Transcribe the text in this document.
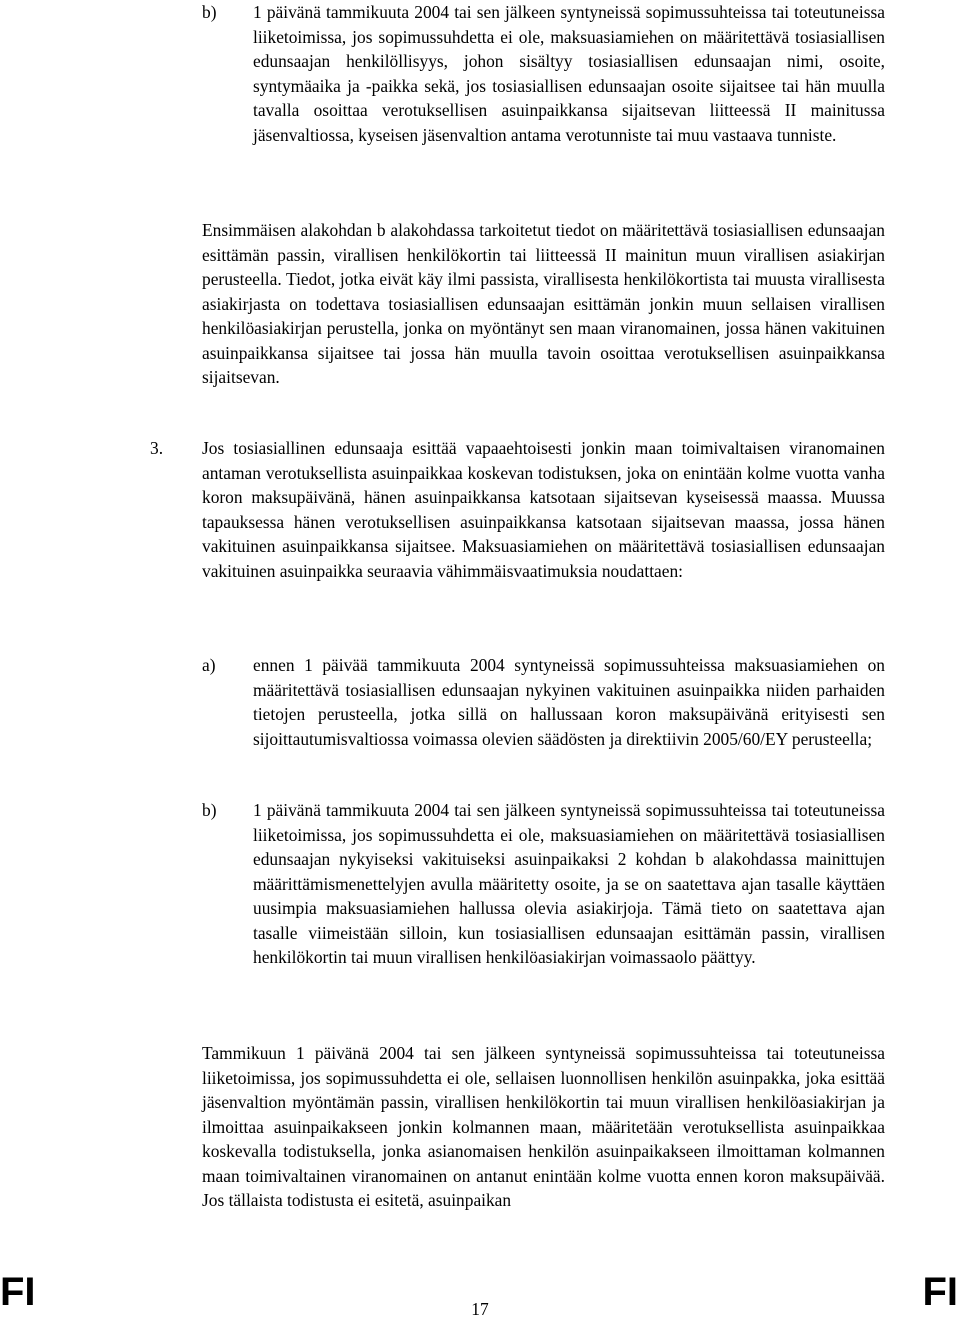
b) 1 päivänä tammikuuta 2004 tai sen jälkeen syntyneissä sopimussuhteissa tai toteutuneissa liiketoimissa, jos sopimussuhdetta ei ole, maksuasiamiehen on määritettävä tosiasiallisen edunsaajan henkilöllisyys, johon sisältyy tosiasiallisen edunsaajan nimi, osoite, syntymäaika ja -paikka sekä, jos tosiasiallisen edunsaajan osoite sijaitsee tai hän muulla tavalla osoittaa verotuksellisen asuinpaikkansa sijaitsevan liitteessä II mainitussa jäsenvaltiossa, kyseisen jäsenvaltion antama verotunniste tai muu vastaava tunniste.

Ensimmäisen alakohdan b alakohdassa tarkoitetut tiedot on määritettävä tosiasiallisen edunsaajan esittämän passin, virallisen henkilökortin tai liitteessä II mainitun muun virallisen asiakirjan perusteella. Tiedot, jotka eivät käy ilmi passista, virallisesta henkilökortista tai muusta virallisesta asiakirjasta on todettava tosiasiallisen edunsaajan esittämän jonkin muun sellaisen virallisen henkilöasiakirjan perustella, jonka on myöntänyt sen maan viranomainen, jossa hänen vakituinen asuinpaikkansa sijaitsee tai jossa hän muulla tavoin osoittaa verotuksellisen asuinpaikkansa sijaitsevan.

3. Jos tosiasiallinen edunsaaja esittää vapaaehtoisesti jonkin maan toimivaltaisen viranomainen antaman verotuksellista asuinpaikkaa koskevan todistuksen, joka on enintään kolme vuotta vanha koron maksupäivänä, hänen asuinpaikkansa katsotaan sijaitsevan kyseisessä maassa. Muussa tapauksessa hänen verotuksellisen asuinpaikkansa katsotaan sijaitsevan maassa, jossa hänen vakituinen asuinpaikkansa sijaitsee. Maksuasiamiehen on määritettävä tosiasiallisen edunsaajan vakituinen asuinpaikka seuraavia vähimmäisvaatimuksia noudattaen:

a) ennen 1 päivää tammikuuta 2004 syntyneissä sopimussuhteissa maksuasiamiehen on määritettävä tosiasiallisen edunsaajan nykyinen vakituinen asuinpaikka niiden parhaiden tietojen perusteella, jotka sillä on hallussaan koron maksupäivänä erityisesti sen sijoittautumisvaltiossa voimassa olevien säädösten ja direktiivin 2005/60/EY perusteella;

b) 1 päivänä tammikuuta 2004 tai sen jälkeen syntyneissä sopimussuhteissa tai toteutuneissa liiketoimissa, jos sopimussuhdetta ei ole, maksuasiamiehen on määritettävä tosiasiallisen edunsaajan nykyiseksi vakituiseksi asuinpaikaksi 2 kohdan b alakohdassa mainittujen määrittämismenettelyjen avulla määritetty osoite, ja se on saatettava ajan tasalle käyttäen uusimpia maksuasiamiehen hallussa olevia asiakirjoja. Tämä tieto on saatettava ajan tasalle viimeistään silloin, kun tosiasiallisen edunsaajan esittämän passin, virallisen henkilökortin tai muun virallisen henkilöasiakirjan voimassaolo päättyy.

Tammikuun 1 päivänä 2004 tai sen jälkeen syntyneissä sopimussuhteissa tai toteutuneissa liiketoimissa, jos sopimussuhdetta ei ole, sellaisen luonnollisen henkilön asuinpakka, joka esittää jäsenvaltion myöntämän passin, virallisen henkilökortin tai muun virallisen henkilöasiakirjan ja ilmoittaa asuinpaikakseen jonkin kolmannen maan, määritetään verotuksellista asuinpaikkaa koskevalla todistuksella, jonka asianomaisen henkilön asuinpaikakseen ilmoittaman kolmannen maan toimivaltainen viranomainen on antanut enintään kolme vuotta ennen koron maksupäivää. Jos tällaista todistusta ei esitetä, asuinpaikan

FI	17	FI
